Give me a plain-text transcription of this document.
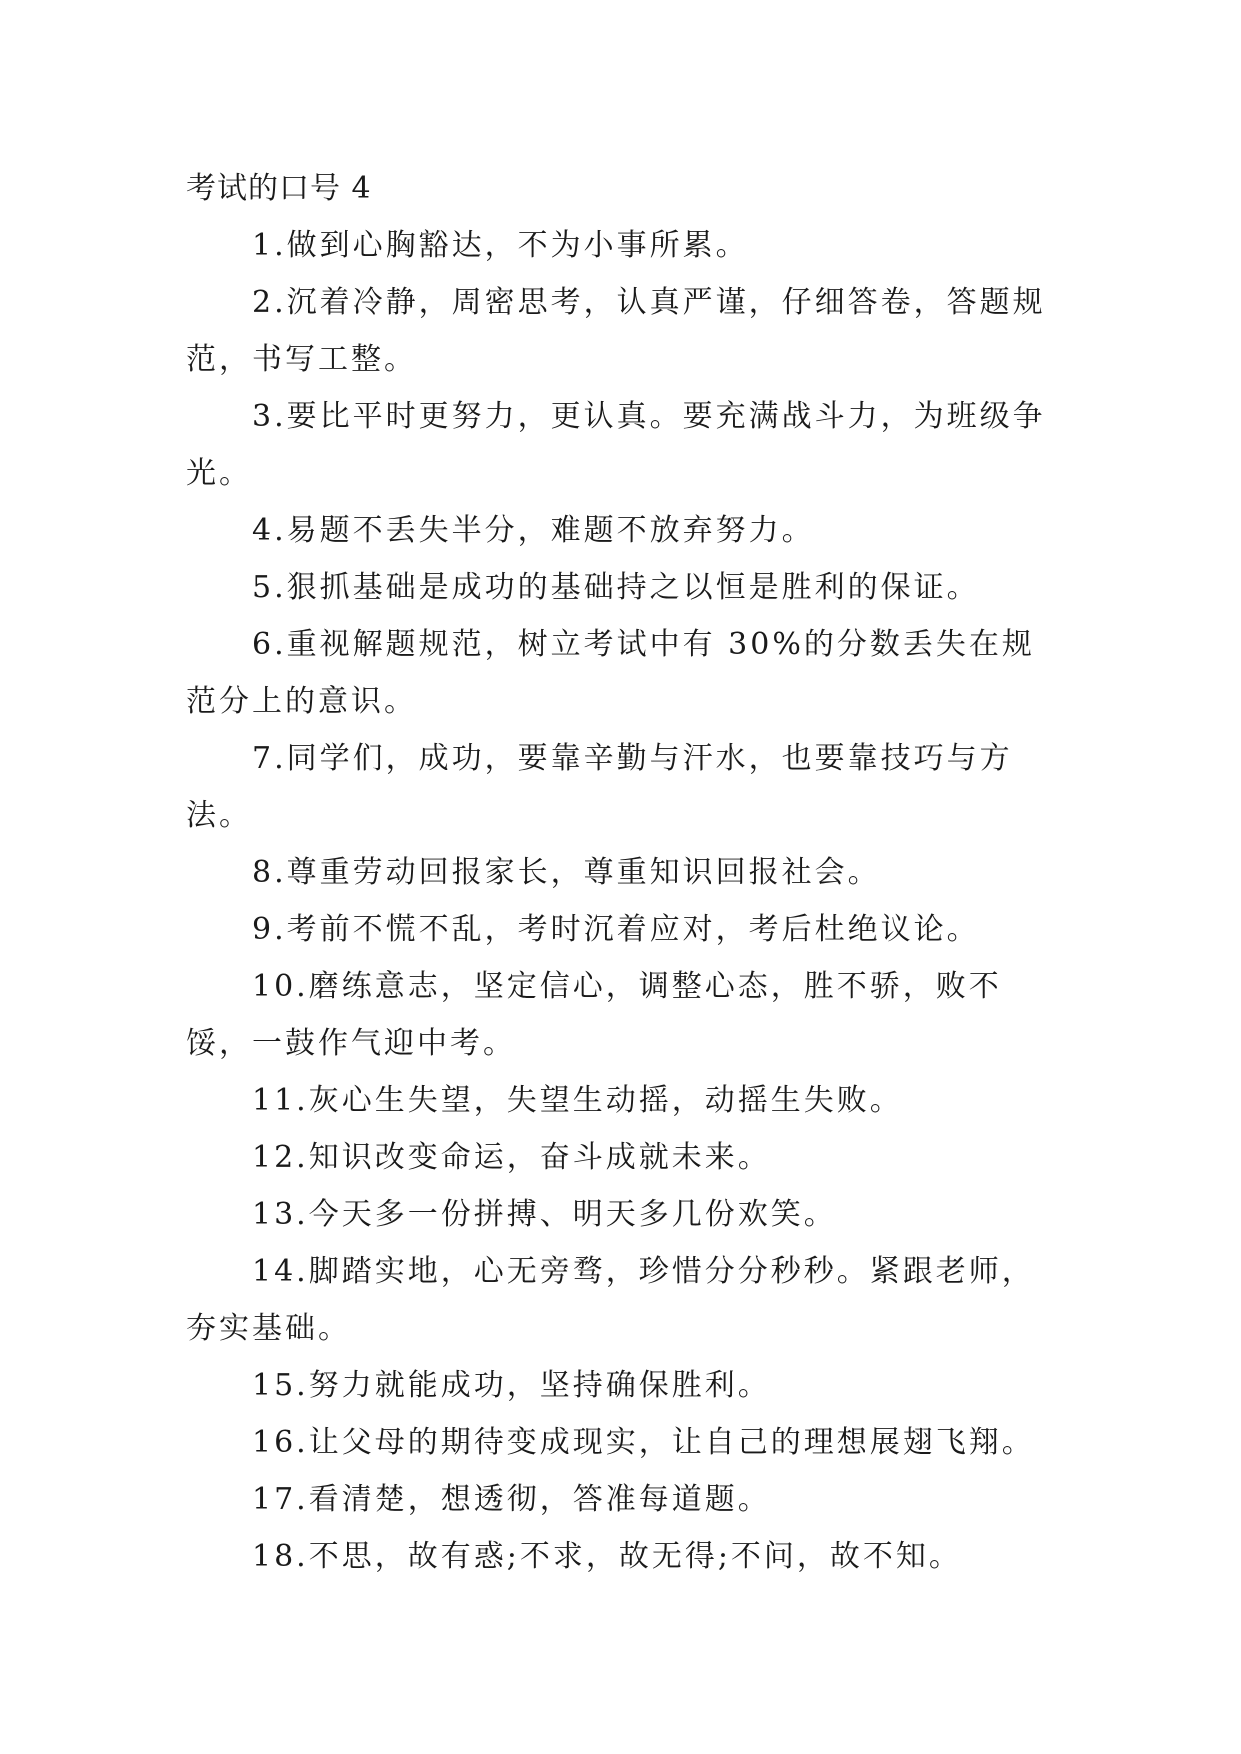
考试的口号 4

1.做到心胸豁达，不为小事所累。

2.沉着冷静，周密思考，认真严谨，仔细答卷，答题规范，书写工整。

3.要比平时更努力，更认真。要充满战斗力，为班级争光。

4.易题不丢失半分，难题不放弃努力。

5.狠抓基础是成功的基础持之以恒是胜利的保证。

6.重视解题规范，树立考试中有 30%的分数丢失在规范分上的意识。

7.同学们，成功，要靠辛勤与汗水，也要靠技巧与方法。

8.尊重劳动回报家长，尊重知识回报社会。

9.考前不慌不乱，考时沉着应对，考后杜绝议论。

10.磨练意志，坚定信心，调整心态，胜不骄，败不馁，一鼓作气迎中考。

11.灰心生失望，失望生动摇，动摇生失败。

12.知识改变命运，奋斗成就未来。

13.今天多一份拼搏、明天多几份欢笑。

14.脚踏实地，心无旁骛，珍惜分分秒秒。紧跟老师，夯实基础。

15.努力就能成功，坚持确保胜利。

16.让父母的期待变成现实，让自己的理想展翅飞翔。

17.看清楚，想透彻，答准每道题。

18.不思，故有惑;不求，故无得;不问，故不知。
